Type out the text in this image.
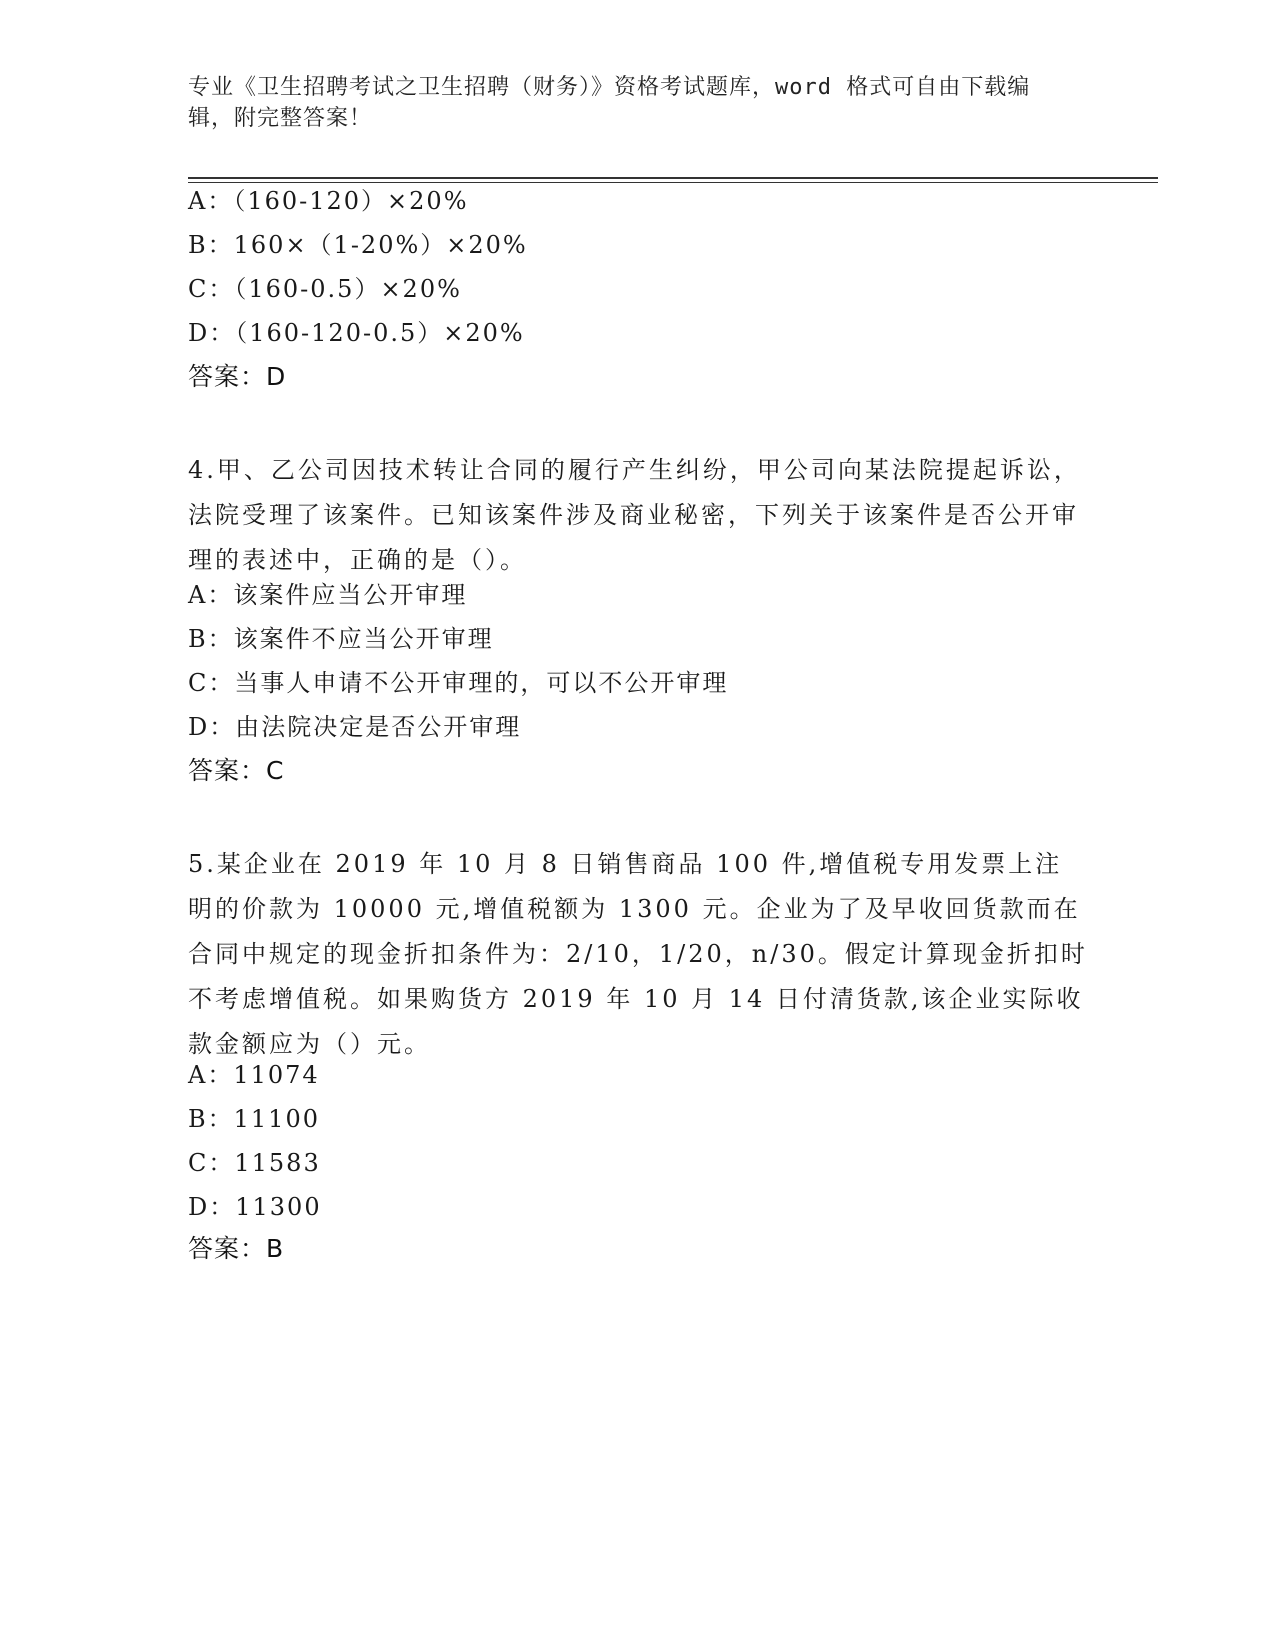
专业《卫生招聘考试之卫生招聘（财务）》资格考试题库，word 格式可自由下载编辑，附完整答案！
A：（160-120）×20%
B：160×（1-20%）×20%
C：（160-0.5）×20%
D：（160-120-0.5）×20%
答案：D
4.甲、乙公司因技术转让合同的履行产生纠纷，甲公司向某法院提起诉讼，法院受理了该案件。已知该案件涉及商业秘密，下列关于该案件是否公开审理的表述中，正确的是（）。
A：该案件应当公开审理
B：该案件不应当公开审理
C：当事人申请不公开审理的，可以不公开审理
D：由法院决定是否公开审理
答案：C
5.某企业在 2019 年 10 月 8 日销售商品 100 件,增值税专用发票上注明的价款为 10000 元,增值税额为 1300 元。企业为了及早收回货款而在合同中规定的现金折扣条件为：2/10，1/20，n/30。假定计算现金折扣时不考虑增值税。如果购货方 2019 年 10 月 14 日付清货款,该企业实际收款金额应为（）元。
A：11074
B：11100
C：11583
D：11300
答案：B
